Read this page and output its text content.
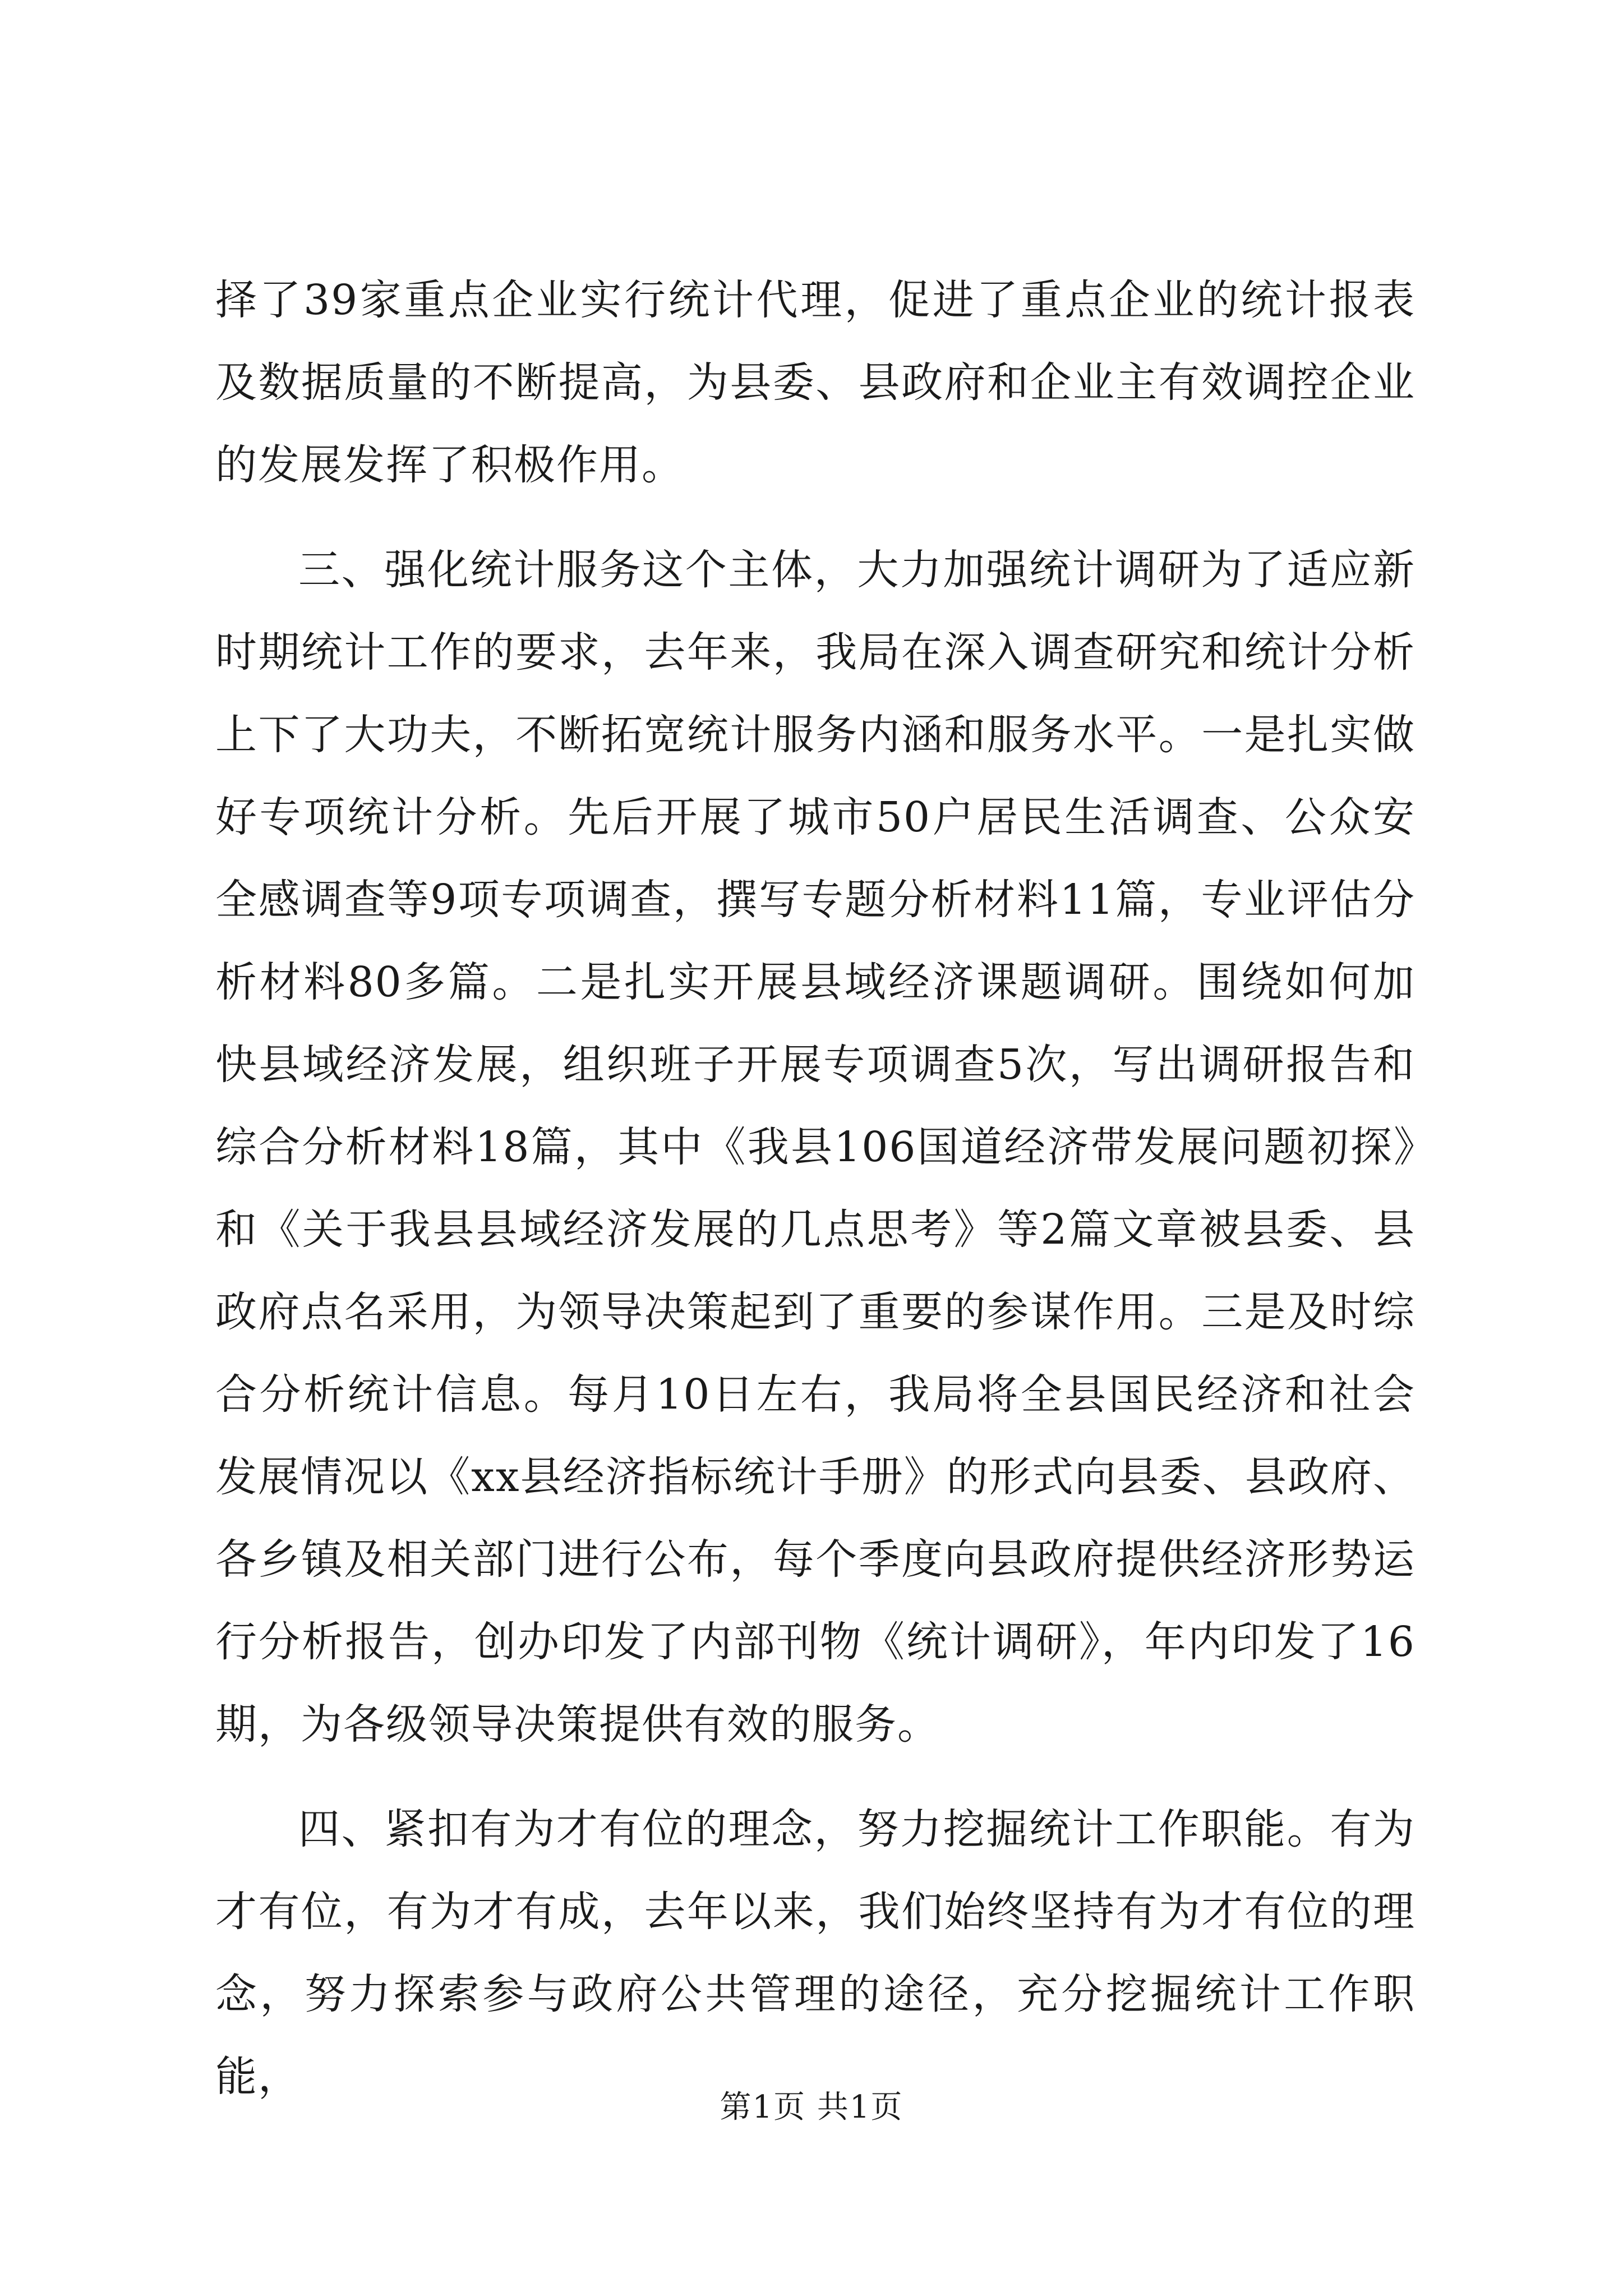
择了39家重点企业实行统计代理，促进了重点企业的统计报表及数据质量的不断提高，为县委、县政府和企业主有效调控企业的发展发挥了积极作用。

三、强化统计服务这个主体，大力加强统计调研为了适应新时期统计工作的要求，去年来，我局在深入调查研究和统计分析上下了大功夫，不断拓宽统计服务内涵和服务水平。一是扎实做好专项统计分析。先后开展了城市50户居民生活调查、公众安全感调查等9项专项调查，撰写专题分析材料11篇，专业评估分析材料80多篇。二是扎实开展县域经济课题调研。围绕如何加快县域经济发展，组织班子开展专项调查5次，写出调研报告和综合分析材料18篇，其中《我县106国道经济带发展问题初探》和《关于我县县域经济发展的几点思考》等2篇文章被县委、县政府点名采用，为领导决策起到了重要的参谋作用。三是及时综合分析统计信息。每月10日左右，我局将全县国民经济和社会发展情况以《xx县经济指标统计手册》的形式向县委、县政府、各乡镇及相关部门进行公布，每个季度向县政府提供经济形势运行分析报告，创办印发了内部刊物《统计调研》，年内印发了16期，为各级领导决策提供有效的服务。

四、紧扣有为才有位的理念，努力挖掘统计工作职能。有为才有位，有为才有成，去年以来，我们始终坚持有为才有位的理念，努力探索参与政府公共管理的途径，充分挖掘统计工作职能，

第1页 共1页
